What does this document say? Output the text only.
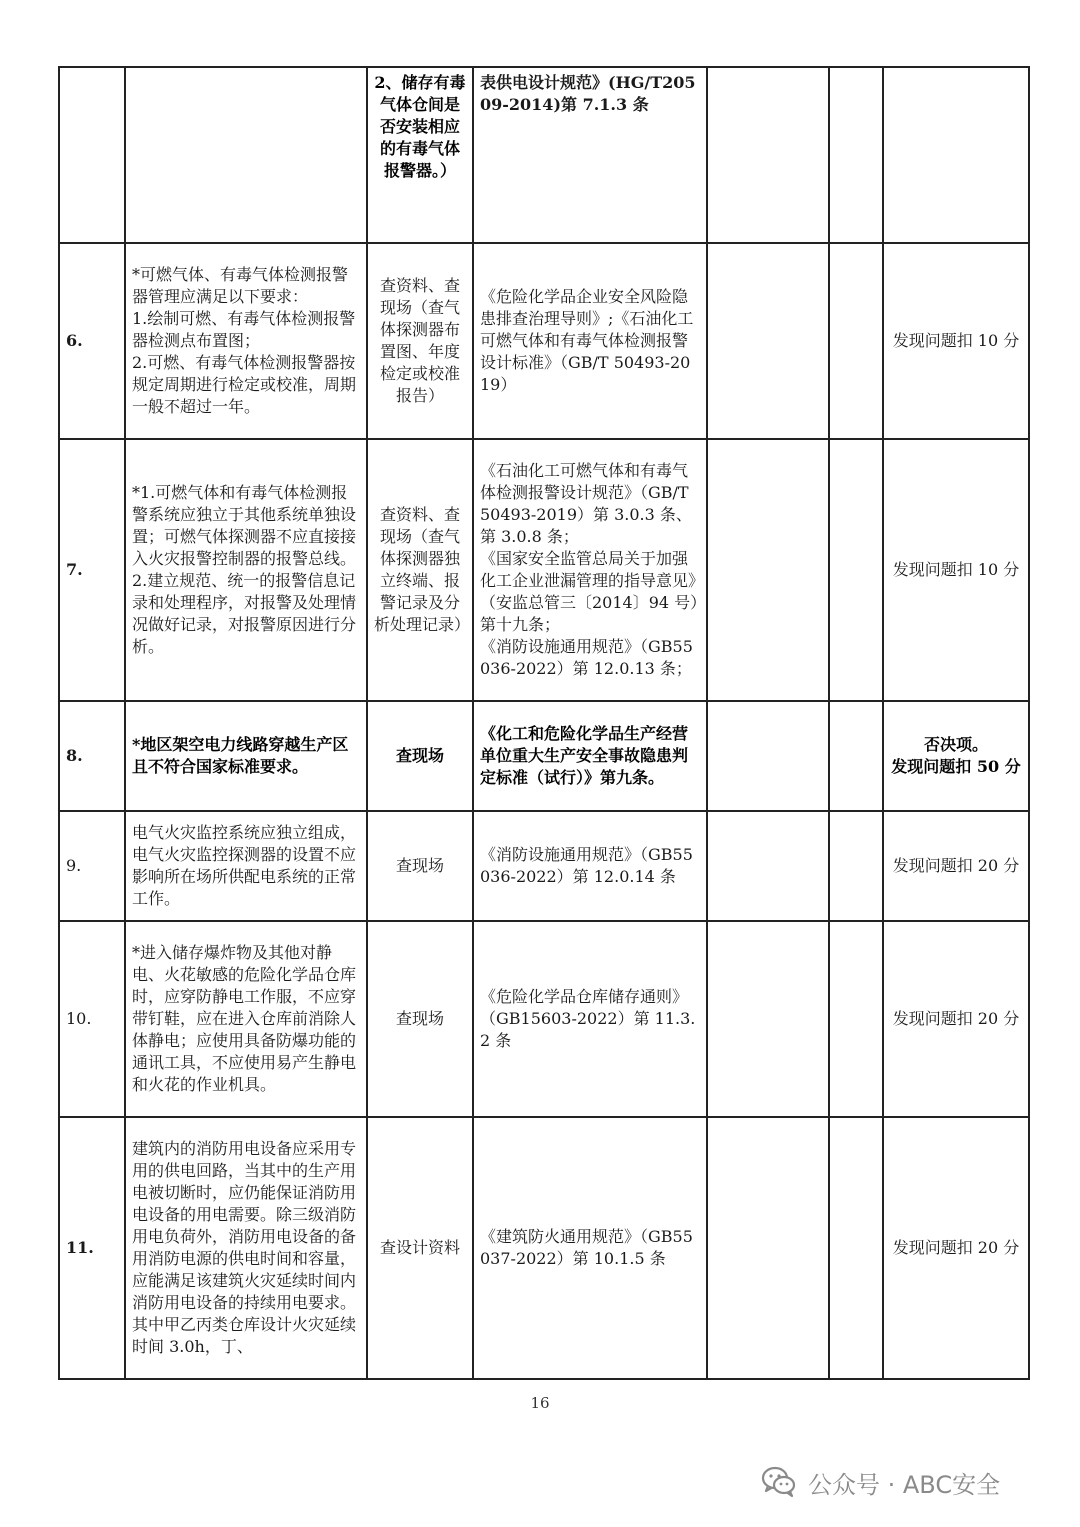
		2、储存有毒气体仓间是否安装相应的有毒气体报警器。）	表供电设计规范》(HG/T20509-2014)第 7.1.3 条			
6.	*可燃气体、有毒气体检测报警器管理应满足以下要求：
1.绘制可燃、有毒气体检测报警器检测点布置图；
2.可燃、有毒气体检测报警器按规定周期进行检定或校准，周期一般不超过一年。	查资料、查现场（查气体探测器布置图、年度检定或校准报告）	《危险化学品企业安全风险隐患排查治理导则》;《石油化工可燃气体和有毒气体检测报警设计标准》（GB/T 50493-2019）			发现问题扣 10 分
7.	*1.可燃气体和有毒气体检测报警系统应独立于其他系统单独设置；可燃气体探测器不应直接接入火灾报警控制器的报警总线。
2.建立规范、统一的报警信息记录和处理程序，对报警及处理情况做好记录，对报警原因进行分析。	查资料、查现场（查气体探测器独立终端、报警记录及分析处理记录）	《石油化工可燃气体和有毒气体检测报警设计规范》（GB/T 50493-2019）第 3.0.3 条、第 3.0.8 条；
《国家安全监管总局关于加强化工企业泄漏管理的指导意见》（安监总管三〔2014〕94 号）第十九条；
《消防设施通用规范》（GB55036-2022）第 12.0.13 条；			发现问题扣 10 分
8.	*地区架空电力线路穿越生产区且不符合国家标准要求。	查现场	《化工和危险化学品生产经营单位重大生产安全事故隐患判定标准（试行）》第九条。			否决项。
发现问题扣 50 分
9.	电气火灾监控系统应独立组成，电气火灾监控探测器的设置不应影响所在场所供配电系统的正常工作。	查现场	《消防设施通用规范》（GB55036-2022）第 12.0.14 条			发现问题扣 20 分
10.	*进入储存爆炸物及其他对静电、火花敏感的危险化学品仓库时，应穿防静电工作服，不应穿带钉鞋，应在进入仓库前消除人体静电；应使用具备防爆功能的通讯工具，不应使用易产生静电和火花的作业机具。	查现场	《危险化学品仓库储存通则》（GB15603-2022）第 11.3.2 条			发现问题扣 20 分
11.	建筑内的消防用电设备应采用专用的供电回路，当其中的生产用电被切断时，应仍能保证消防用电设备的用电需要。除三级消防用电负荷外，消防用电设备的备用消防电源的供电时间和容量，应能满足该建筑火灾延续时间内消防用电设备的持续用电要求。其中甲乙丙类仓库设计火灾延续时间 3.0h，丁、	查设计资料	《建筑防火通用规范》（GB55037-2022）第 10.1.5 条			发现问题扣 20 分
16
公众号 · ABC安全
